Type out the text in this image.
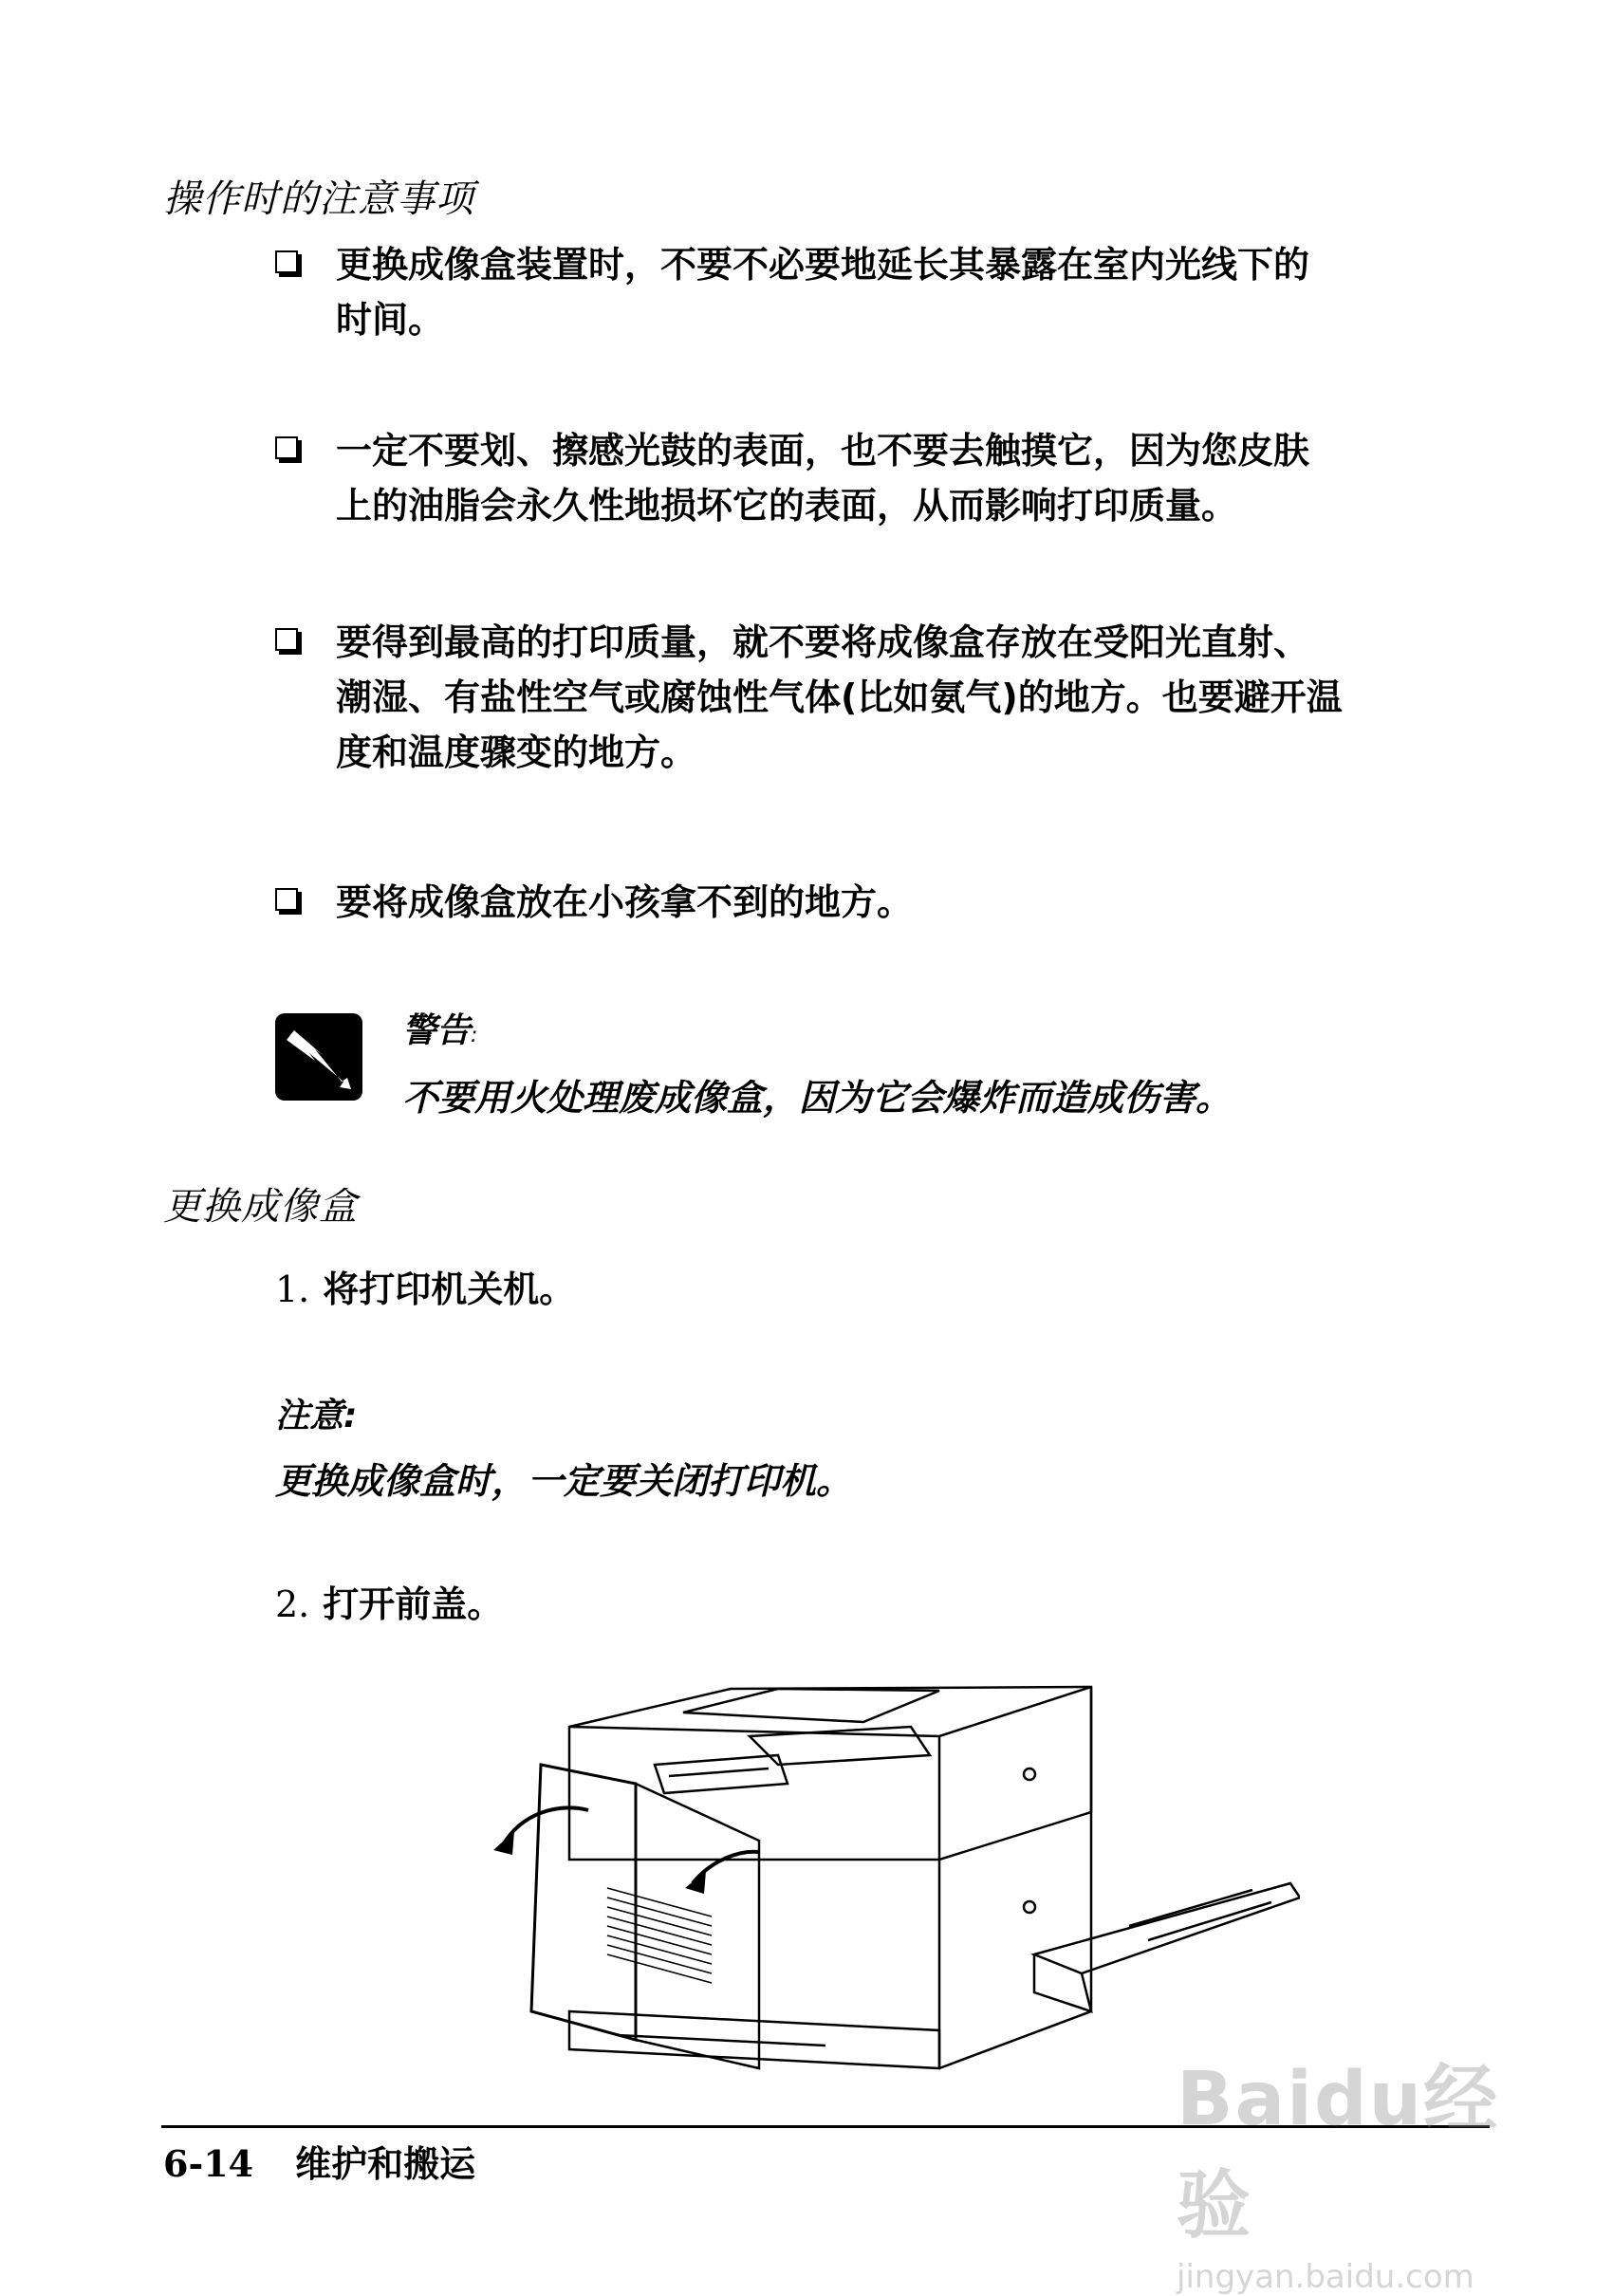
操作时的注意事项
更换成像盒装置时，不要不必要地延长其暴露在室内光线下的
时间。
一定不要划、擦感光鼓的表面，也不要去触摸它，因为您皮肤
上的油脂会永久性地损坏它的表面，从而影响打印质量。
要得到最高的打印质量，就不要将成像盒存放在受阳光直射、
潮湿、有盐性空气或腐蚀性气体(比如氨气)的地方。也要避开温
度和温度骤变的地方。
要将成像盒放在小孩拿不到的地方。
警告:
不要用火处理废成像盒，因为它会爆炸而造成伤害。
更换成像盒
1. 将打印机关机。
注意:
更换成像盒时，一定要关闭打印机。
2. 打开前盖。
6-14 维护和搬运
Baidu经验
jingyan.baidu.com
